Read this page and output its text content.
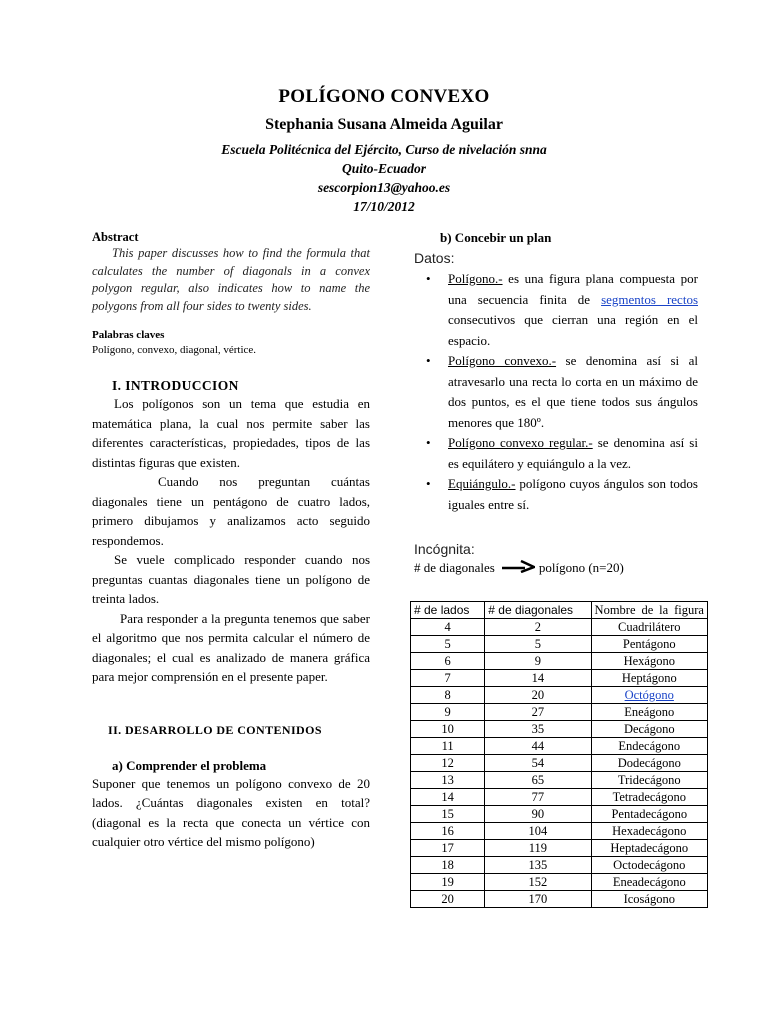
POLÍGONO CONVEXO
Stephania Susana Almeida Aguilar
Escuela Politécnica del Ejército, Curso de nivelación snna
Quito-Ecuador
sescorpion13@yahoo.es
17/10/2012
Abstract
This paper discusses how to find the formula that calculates the number of diagonals in a convex polygon regular, also indicates how to name the polygons from all four sides to twenty sides.
Palabras claves
Polígono, convexo, diagonal, vértice.
I. INTRODUCCION
Los polígonos son un tema que estudia en matemática plana, la cual nos permite saber las diferentes características, propiedades, tipos de las distintas figuras que existen.
Cuando nos preguntan cuántas diagonales tiene un pentágono de cuatro lados, primero dibujamos y analizamos acto seguido respondemos.
Se vuele complicado responder cuando nos preguntas cuantas diagonales tiene un polígono de treinta lados.
Para responder a la pregunta tenemos que saber el algoritmo que nos permita calcular el número de diagonales; el cual es analizado de manera gráfica para mejor comprensión en el presente paper.
II. DESARROLLO DE CONTENIDOS
a) Comprender el problema
Suponer que tenemos un polígono convexo de 20 lados. ¿Cuántas diagonales existen en total? (diagonal es la recta que conecta un vértice con cualquier otro vértice del mismo polígono)
b) Concebir un plan
Datos:
• Polígono.- es una figura plana compuesta por una secuencia finita de segmentos rectos consecutivos que cierran una región en el espacio.
• Polígono convexo.- se denomina así si al atravesarlo una recta lo corta en un máximo de dos puntos, es el que tiene todos sus ángulos menores que 180º.
• Polígono convexo regular.- se denomina así si es equilátero y equiángulo a la vez.
• Equiángulo.- polígono cuyos ángulos son todos iguales entre sí.
Incógnita:
# de diagonales	polígono (n=20)
# de lados	# de diagonales	Nombre de la figura
4	2	Cuadrilátero
5	5	Pentágono
6	9	Hexágono
7	14	Heptágono
8	20	Octógono
9	27	Eneágono
10	35	Decágono
11	44	Endecágono
12	54	Dodecágono
13	65	Tridecágono
14	77	Tetradecágono
15	90	Pentadecágono
16	104	Hexadecágono
17	119	Heptadecágono
18	135	Octodecágono
19	152	Eneadecágono
20	170	Icoságono
